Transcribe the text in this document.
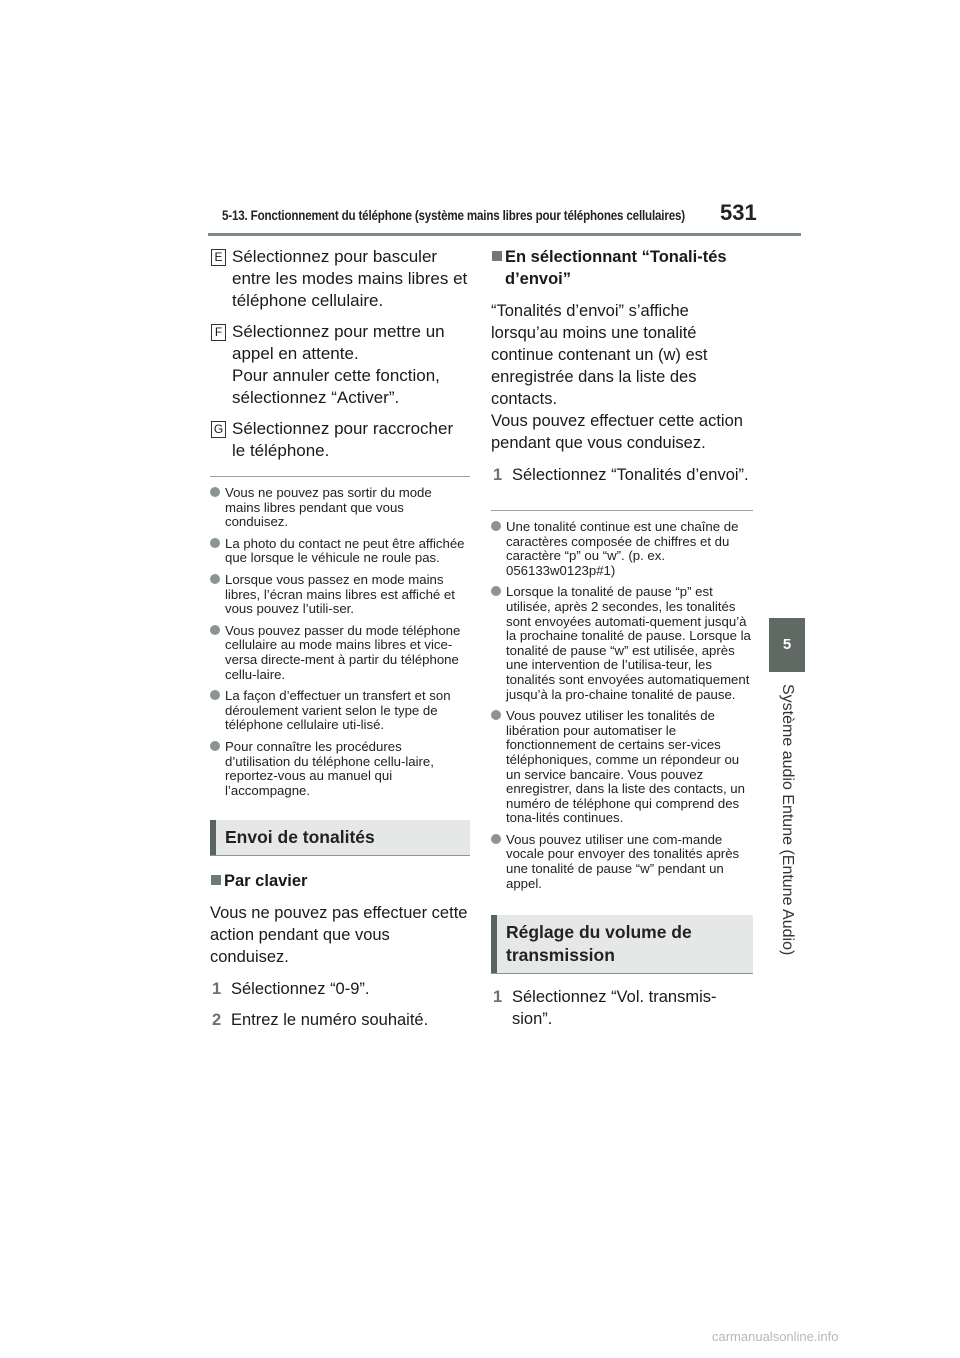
5-13. Fonctionnement du téléphone (système mains libres pour téléphones cellulaires) 531
5
Système audio Entune (Entune Audio)
E Sélectionnez pour basculer entre les modes mains libres et téléphone cellulaire.
F Sélectionnez pour mettre un appel en attente.
Pour annuler cette fonction, sélectionnez “Activer”.
G Sélectionnez pour raccrocher le téléphone.
Vous ne pouvez pas sortir du mode mains libres pendant que vous conduisez.
La photo du contact ne peut être affichée que lorsque le véhicule ne roule pas.
Lorsque vous passez en mode mains libres, l’écran mains libres est affiché et vous pouvez l’utili-ser.
Vous pouvez passer du mode téléphone cellulaire au mode mains libres et vice-versa directe-ment à partir du téléphone cellu-laire.
La façon d’effectuer un transfert et son déroulement varient selon le type de téléphone cellulaire uti-lisé.
Pour connaître les procédures d’utilisation du téléphone cellu-laire, reportez-vous au manuel qui l’accompagne.
Envoi de tonalités
Par clavier

Vous ne pouvez pas effectuer cette action pendant que vous conduisez.

1 Sélectionnez “0-9”.
2 Entrez le numéro souhaité.
En sélectionnant “Tonali-tés d’envoi”

“Tonalités d’envoi” s’affiche lorsqu’au moins une tonalité continue contenant un (w) est enregistrée dans la liste des contacts.

Vous pouvez effectuer cette action pendant que vous conduisez.

1 Sélectionnez “Tonalités d’envoi”.
Une tonalité continue est une chaîne de caractères composée de chiffres et du caractère “p” ou “w”. (p. ex. 056133w0123p#1)
Lorsque la tonalité de pause “p” est utilisée, après 2 secondes, les tonalités sont envoyées automati-quement jusqu’à la prochaine tonalité de pause. Lorsque la tonalité de pause “w” est utilisée, après une intervention de l’utilisa-teur, les tonalités sont envoyées automatiquement jusqu’à la pro-chaine tonalité de pause.
Vous pouvez utiliser les tonalités de libération pour automatiser le fonctionnement de certains ser-vices téléphoniques, comme un répondeur ou un service bancaire. Vous pouvez enregistrer, dans la liste des contacts, un numéro de téléphone qui comprend des tona-lités continues.
Vous pouvez utiliser une com-mande vocale pour envoyer des tonalités après une tonalité de pause “w” pendant un appel.
Réglage du volume de transmission
1 Sélectionnez “Vol. transmis-sion”.
carmanualsonline.info
